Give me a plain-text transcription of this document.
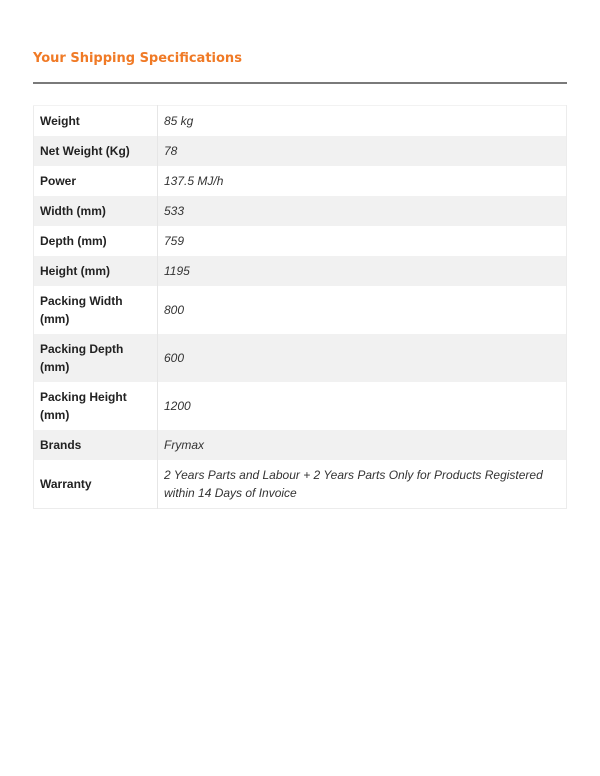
Your Shipping Specifications
Weight	85 kg
Net Weight (Kg)	78
Power	137.5 MJ/h
Width (mm)	533
Depth (mm)	759
Height (mm)	1195
Packing Width (mm)	800
Packing Depth (mm)	600
Packing Height (mm)	1200
Brands	Frymax
Warranty	2 Years Parts and Labour + 2 Years Parts Only for Products Registered within 14 Days of Invoice
